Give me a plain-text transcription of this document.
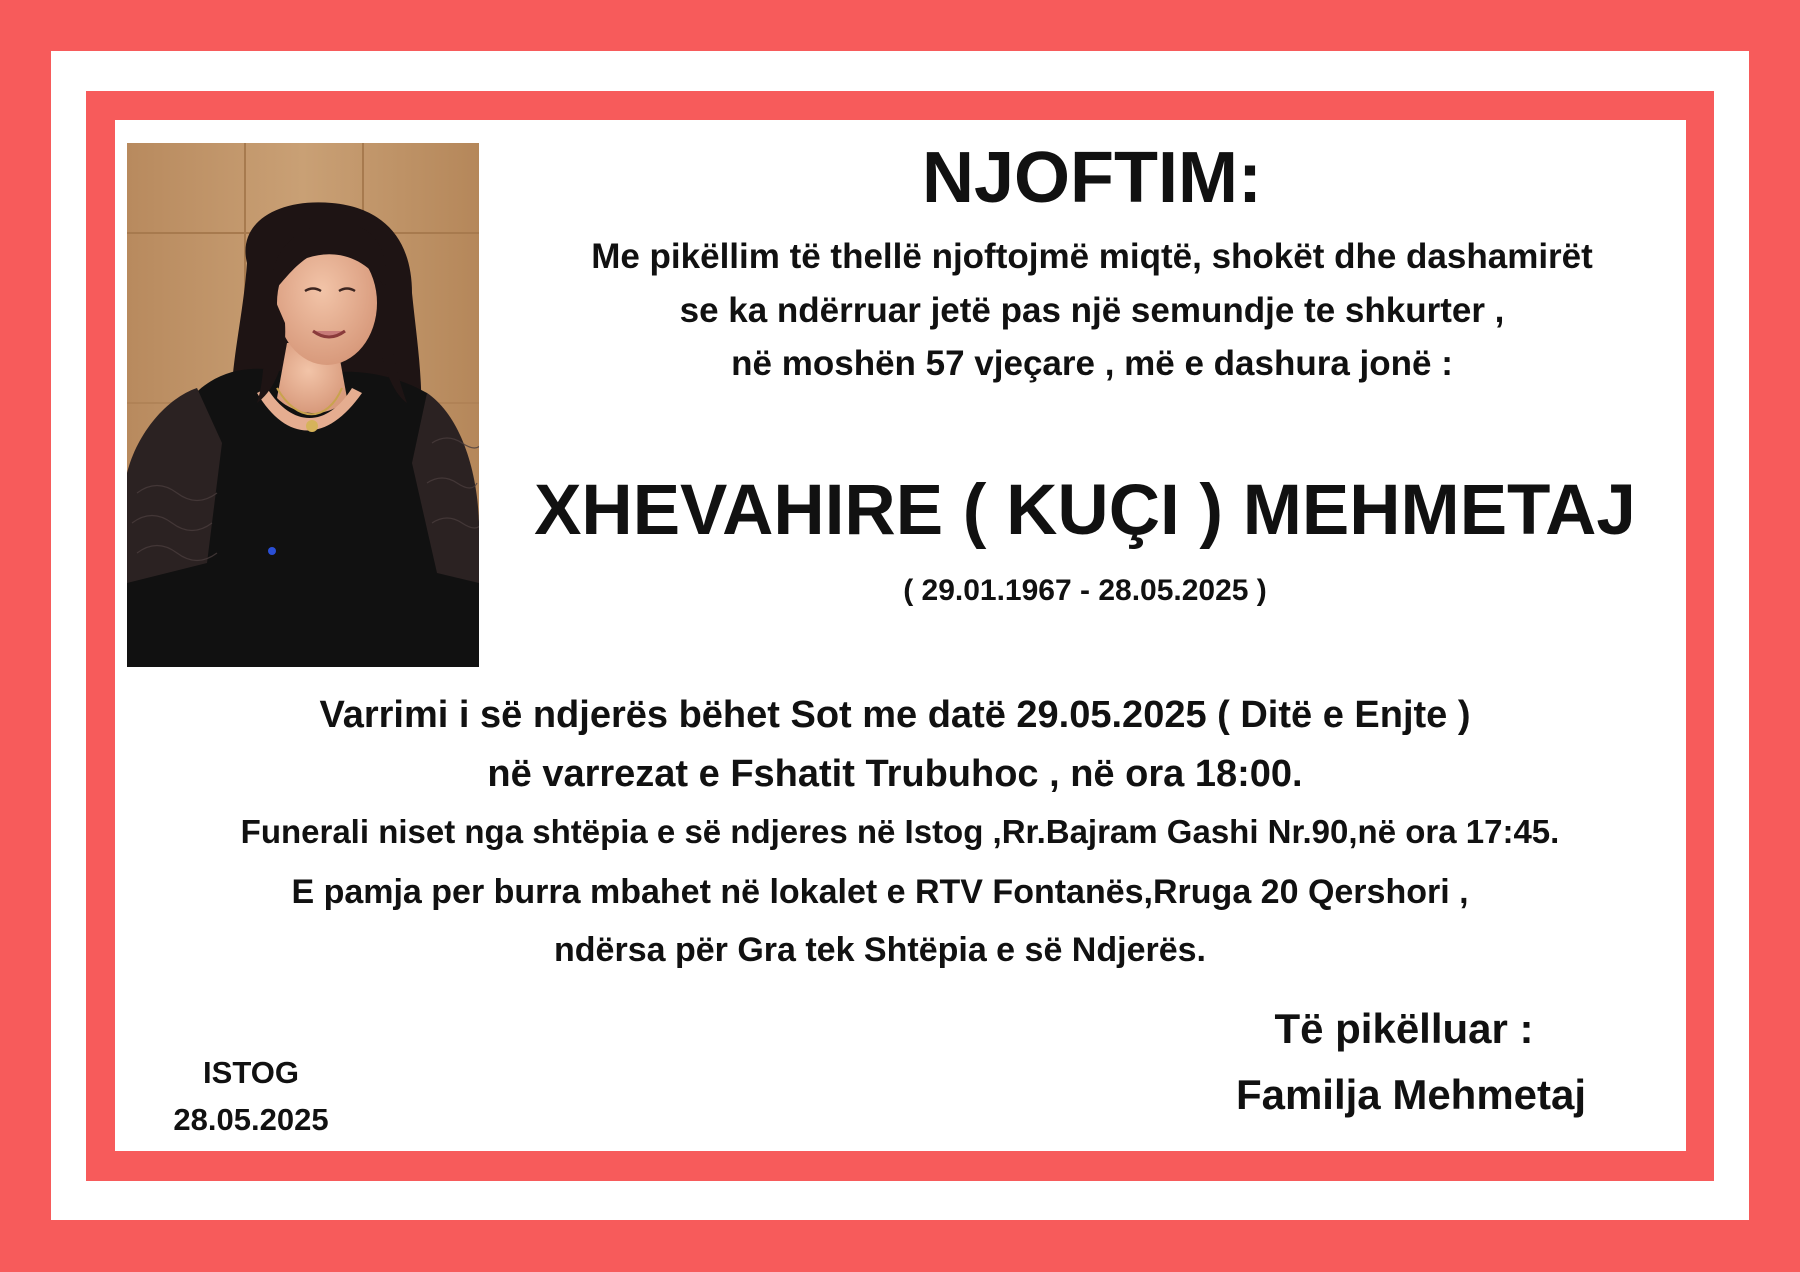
NJOFTIM:
Me pikëllim të thellë njoftojmë miqtë, shokët dhe dashamirët
se ka ndërruar jetë pas një semundje te shkurter ,
në moshën 57 vjeçare , më e dashura jonë :
XHEVAHIRE ( KUÇI ) MEHMETAJ
( 29.01.1967 - 28.05.2025 )
Varrimi i së ndjerës bëhet Sot me datë 29.05.2025 ( Ditë e Enjte )
në varrezat e Fshatit Trubuhoc , në ora 18:00.
Funerali niset nga shtëpia e së ndjeres në Istog ,Rr.Bajram Gashi Nr.90,në ora 17:45.
E pamja per burra mbahet në lokalet e RTV Fontanës,Rruga 20 Qershori ,
ndërsa për Gra tek Shtëpia e së Ndjerës.
ISTOG
28.05.2025
Të pikëlluar :
Familja Mehmetaj
